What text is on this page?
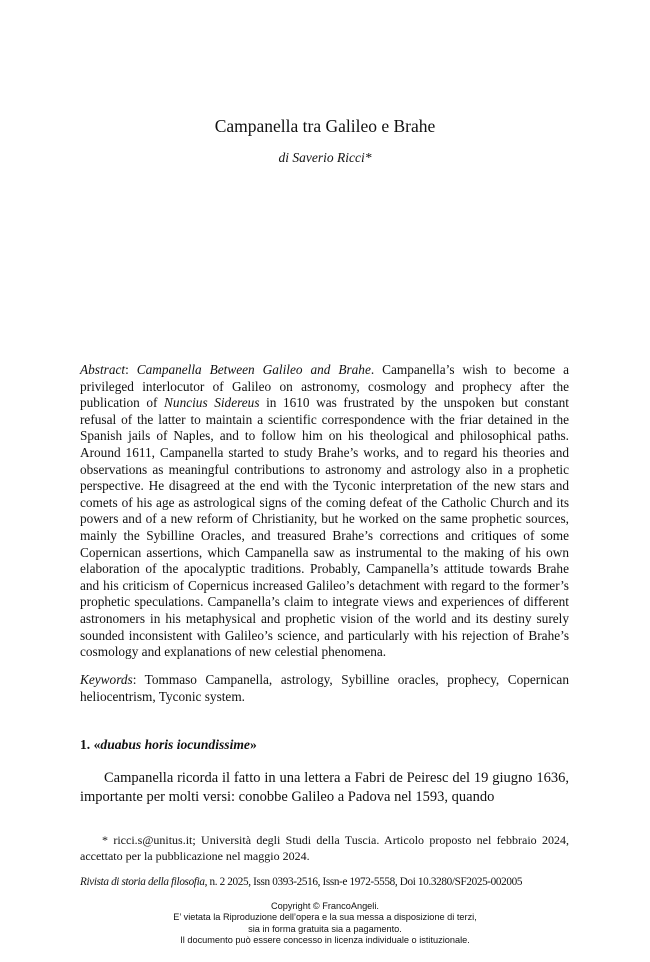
Campanella tra Galileo e Brahe
di Saverio Ricci*
Abstract: Campanella Between Galileo and Brahe. Campanella’s wish to become a privileged interlocutor of Galileo on astronomy, cosmology and prophecy after the publication of Nuncius Sidereus in 1610 was frustrated by the unspoken but constant refusal of the latter to maintain a scientific correspondence with the friar detained in the Spanish jails of Naples, and to follow him on his theological and philosophical paths. Around 1611, Campanella started to study Brahe’s works, and to regard his theories and observations as meaningful contributions to astronomy and astrology also in a prophetic perspective. He disagreed at the end with the Tyconic interpretation of the new stars and comets of his age as astrological signs of the coming defeat of the Catholic Church and its powers and of a new reform of Christianity, but he worked on the same prophetic sources, mainly the Sybilline Oracles, and treasured Brahe’s corrections and critiques of some Copernican assertions, which Campanella saw as instrumental to the making of his own elaboration of the apocalyptic traditions. Probably, Campanella’s attitude towards Brahe and his criticism of Copernicus increased Galileo’s detachment with regard to the former’s prophetic speculations. Campanella’s claim to integrate views and experiences of different astronomers in his metaphysical and prophetic vision of the world and its destiny surely sounded inconsistent with Galileo’s science, and particularly with his rejection of Brahe’s cosmology and explanations of new celestial phenomena.
Keywords: Tommaso Campanella, astrology, Sybilline oracles, prophecy, Copernican heliocentrism, Tyconic system.
1. «duabus horis iocundissime»
Campanella ricorda il fatto in una lettera a Fabri de Peiresc del 19 giugno 1636, importante per molti versi: conobbe Galileo a Padova nel 1593, quando
* ricci.s@unitus.it; Università degli Studi della Tuscia. Articolo proposto nel febbraio 2024, accettato per la pubblicazione nel maggio 2024.
Rivista di storia della filosofia, n. 2 2025, Issn 0393-2516, Issn-e 1972-5558, Doi 10.3280/SF2025-002005
Copyright © FrancoAngeli.
E’ vietata la Riproduzione dell’opera e la sua messa a disposizione di terzi,
sia in forma gratuita sia a pagamento.
Il documento può essere concesso in licenza individuale o istituzionale.
